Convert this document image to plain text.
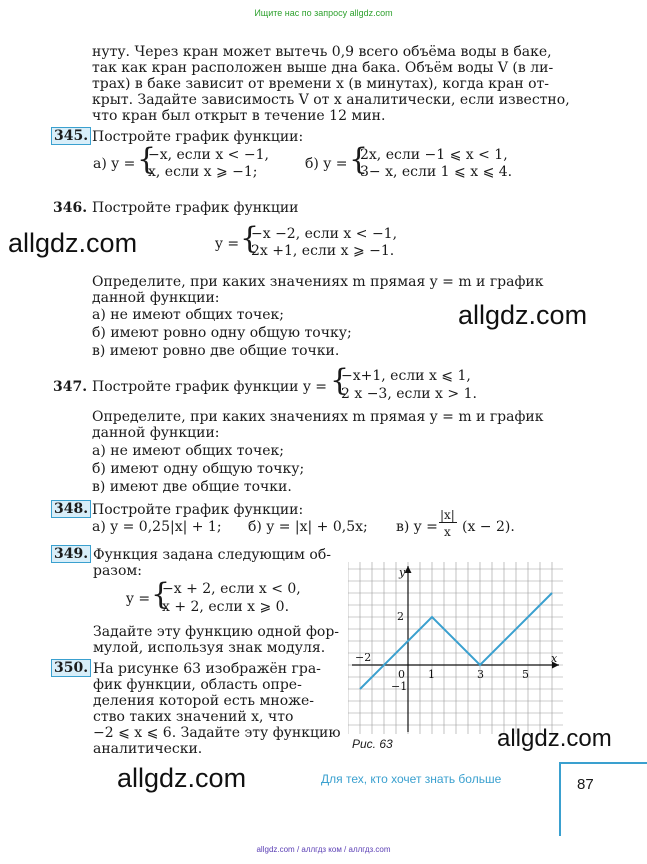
Ищите нас по запросу allgdz.com
нуту. Через кран может вытечь 0,9 всего объёма воды в баке,
так как кран расположен выше дна бака. Объём воды V (в ли-
трах) в баке зависит от времени x (в минутах), когда кран от-
крыт. Задайте зависимость V от x аналитически, если известно,
что кран был открыт в течение 12 мин.
345. Постройте график функции:
а) y = {
−x, если x < −1,
x, если x ⩾ −1;	б) y = {
2x, если −1 ⩽ x < 1,
3− x, если 1 ⩽ x ⩽ 4.
346. Постройте график функции
y = {
−x −2, если x < −1,
2x +1, если x ⩾ −1.
Определите, при каких значениях m прямая y = m и график
данной функции:
а) не имеют общих точек;
б) имеют ровно одну общую точку;
в) имеют ровно две общие точки.
347. Постройте график функции y = {
−x+1, если x ⩽ 1,
2 x −3, если x > 1.
Определите, при каких значениях m прямая y = m и график
данной функции:
а) не имеют общих точек;
б) имеют одну общую точку;
в) имеют две общие точки.
348. Постройте график функции:
а) y = 0,25|x| + 1; б) y = |x| + 0,5x; в) y =
|x|
x (x − 2).
349. Функция задана следующим об-
разом:
y = {
−x + 2, если x < 0,
x + 2, если x ⩾ 0.
Задайте эту функцию одной фор-
мулой, используя знак модуля.
350. На рисунке 63 изображён гра-
фик функции, область опре-
деления которой есть множе-
ство таких значений x, что
−2 ⩽ x ⩽ 6. Задайте эту функцию
аналитически.
x
y
−2
0 1	3	5
2
−1
Рис. 63
allgdz.com
allgdz.com
allgdz.com
allgdz.com	Для тех, кто хочет знать больше	87
allgdz.com / аллгдз ком / аллгдз.com
